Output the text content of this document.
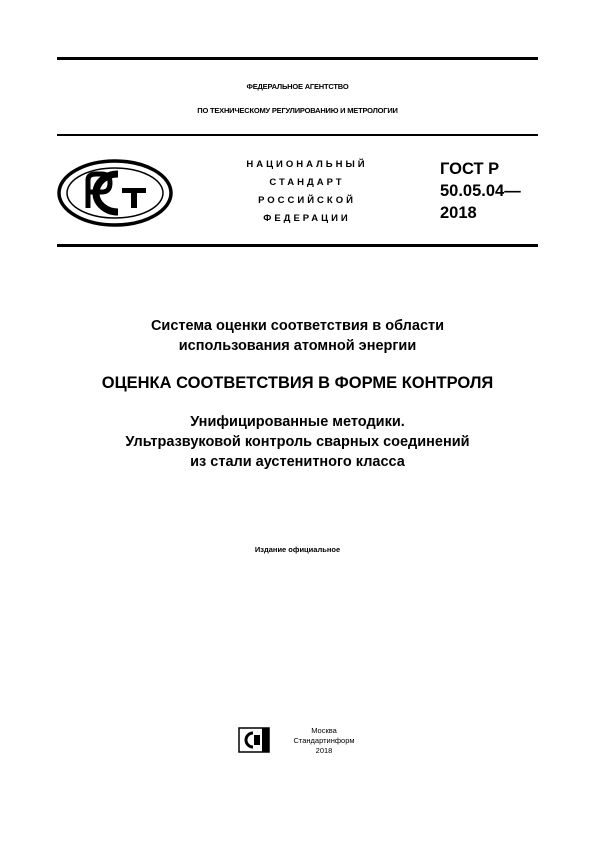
ФЕДЕРАЛЬНОЕ АГЕНТСТВО
ПО ТЕХНИЧЕСКОМУ РЕГУЛИРОВАНИЮ И МЕТРОЛОГИИ
НАЦИОНАЛЬНЫЙ
СТАНДАРТ
РОССИЙСКОЙ
ФЕДЕРАЦИИ
ГОСТ Р
50.05.04—
2018
Система оценки соответствия в области
использования атомной энергии
ОЦЕНКА СООТВЕТСТВИЯ В ФОРМЕ КОНТРОЛЯ
Унифицированные методики.
Ультразвуковой контроль сварных соединений
из стали аустенитного класса
Издание официальное
Москва
Стандартинформ
2018
